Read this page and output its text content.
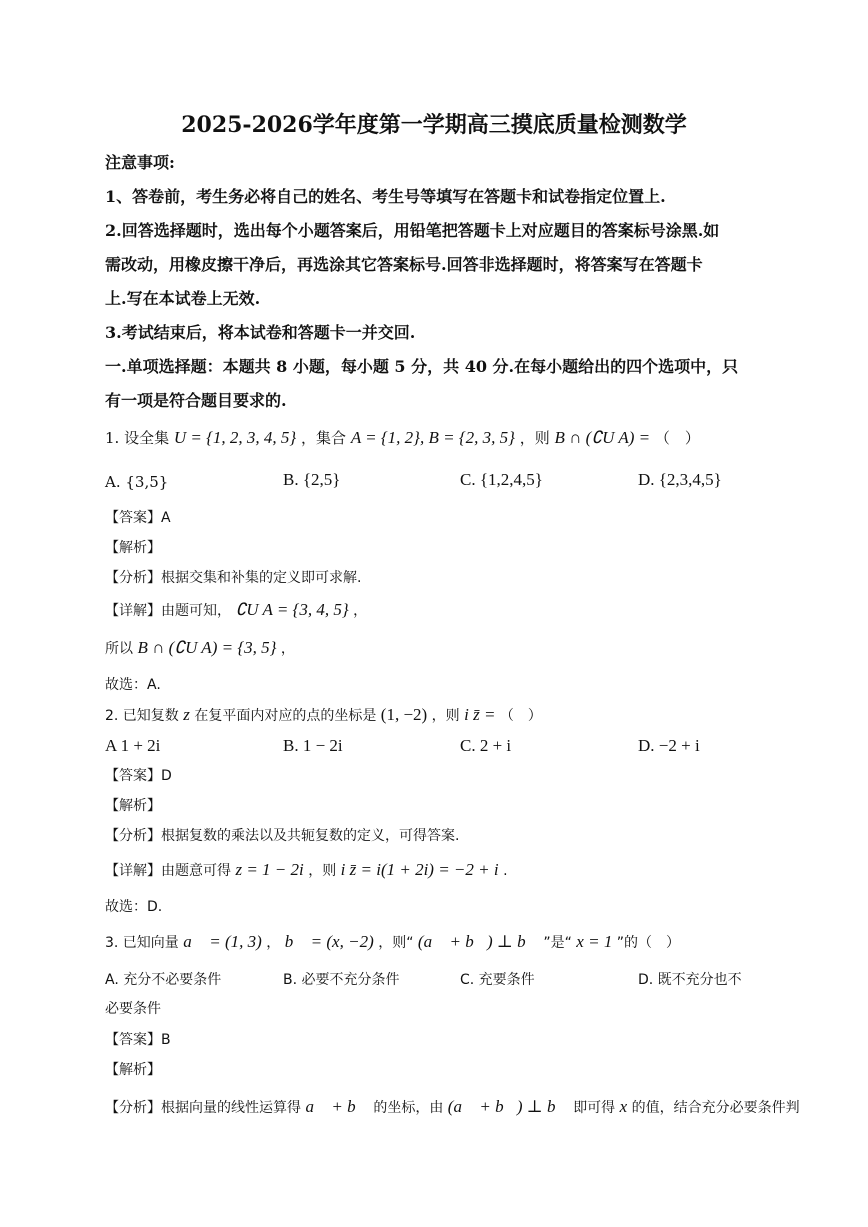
2025-2026学年度第一学期高三摸底质量检测数学
注意事项:
1、答卷前，考生务必将自己的姓名、考生号等填写在答题卡和试卷指定位置上.
2.回答选择题时，选出每个小题答案后，用铅笔把答题卡上对应题目的答案标号涂黑.如
需改动，用橡皮擦干净后，再选涂其它答案标号.回答非选择题时，将答案写在答题卡
上.写在本试卷上无效.
3.考试结束后，将本试卷和答题卡一并交回.
一.单项选择题：本题共 8 小题，每小题 5 分，共 40 分.在每小题给出的四个选项中，只
有一项是符合题目要求的.
1. 设全集 U = {1, 2, 3, 4, 5} ，集合 A = {1, 2}, B = {2, 3, 5} ，则 B ∩ (∁U A) = （　）
A. {3,5}	B. {2,5}	C. {1,2,4,5}	D. {2,3,4,5}
【答案】A
【解析】
【分析】根据交集和补集的定义即可求解.
【详解】由题可知， ∁U A = {3, 4, 5} ，
所以 B ∩ (∁U A) = {3, 5} ，
故选：A.
2. 已知复数 z 在复平面内对应的点的坐标是 (1, −2) ，则 i z̄ = （　）
A 1 + 2i	B. 1 − 2i	C. 2 + i	D. −2 + i
【答案】D
【解析】
【分析】根据复数的乘法以及共轭复数的定义，可得答案.
【详解】由题意可得 z = 1 − 2i ，则 i z̄ = i(1 + 2i) = −2 + i .
故选：D.
3. 已知向量 a⃗ = (1, 3) ， b⃗ = (x, −2) ，则“ (a⃗ + b⃗) ⊥ b⃗ ”是“ x = 1 ”的（　）
A. 充分不必要条件	B. 必要不充分条件	C. 充要条件	D. 既不充分也不
必要条件
【答案】B
【解析】
【分析】根据向量的线性运算得 a⃗ + b⃗ 的坐标，由 (a⃗ + b⃗) ⊥ b⃗ 即可得 x 的值，结合充分必要条件判
